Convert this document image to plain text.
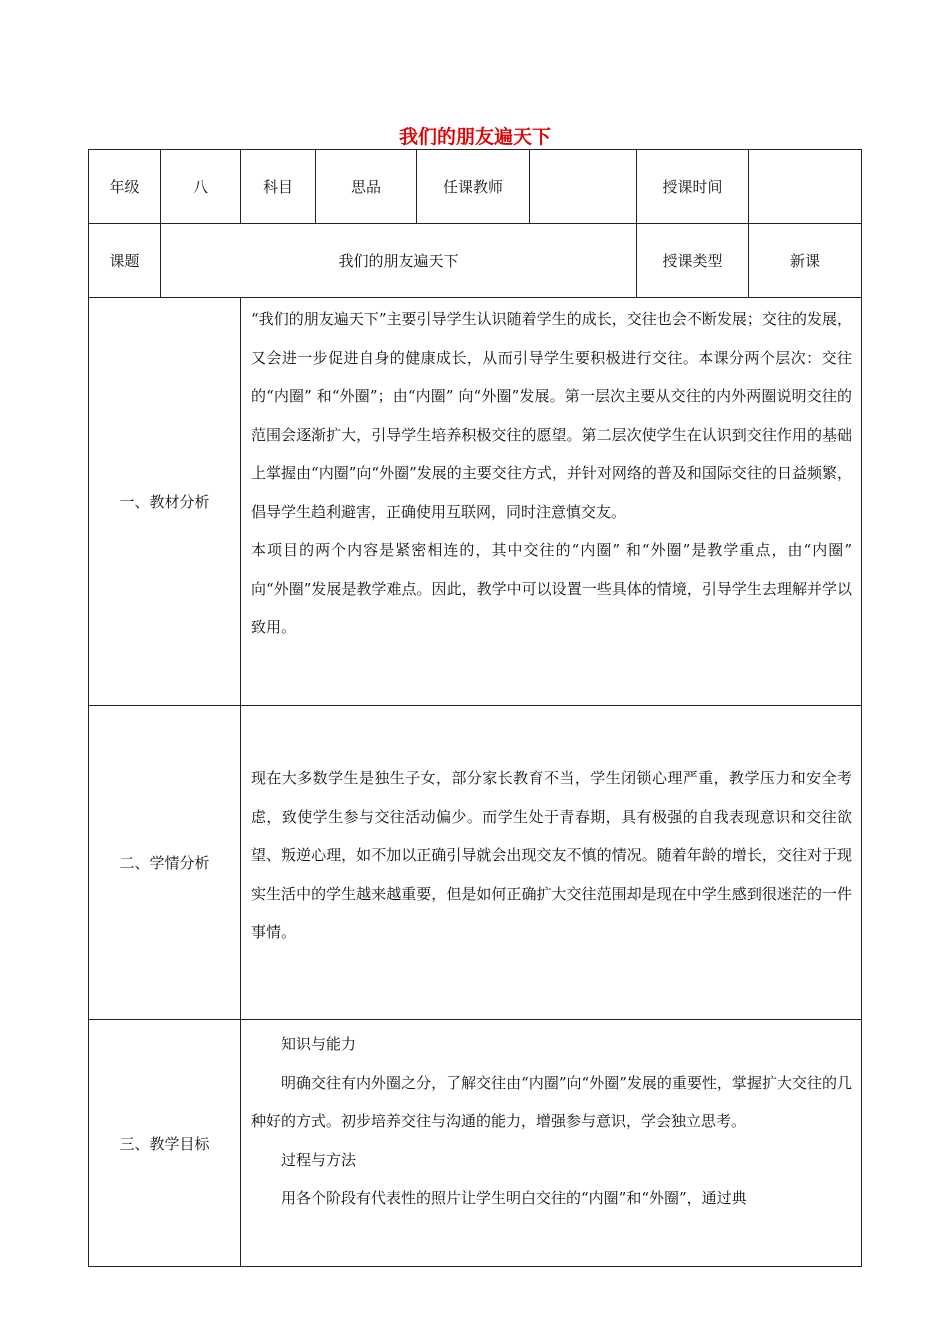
我们的朋友遍天下
年级	八	科目	思品	任课教师		授课时间	
课题	我们的朋友遍天下					授课类型	新课
一、教材分析		“我们的朋友遍天下”主要引导学生认识随着学生的成长，交往也会不断发展；交往的发展，又会进一步促进自身的健康成长，从而引导学生要积极进行交往。本课分两个层次：交往的“内圈” 和“外圈”；由“内圈” 向“外圈”发展。第一层次主要从交往的内外两圈说明交往的范围会逐渐扩大，引导学生培养积极交往的愿望。第二层次使学生在认识到交往作用的基础上掌握由“内圈”向“外圈”发展的主要交往方式，并针对网络的普及和国际交往的日益频繁，倡导学生趋利避害，正确使用互联网，同时注意慎交友。
本项目的两个内容是紧密相连的，其中交往的“内圈” 和“外圈”是教学重点，由“内圈” 向“外圈”发展是教学难点。因此，教学中可以设置一些具体的情境，引导学生去理解并学以致用。					

二、学情分析		现在大多数学生是独生子女，部分家长教育不当，学生闭锁心理严重，教学压力和安全考虑，致使学生参与交往活动偏少。而学生处于青春期，具有极强的自我表现意识和交往欲望、叛逆心理，如不加以正确引导就会出现交友不慎的情况。随着年龄的增长，交往对于现实生活中的学生越来越重要，但是如何正确扩大交往范围却是现在中学生感到很迷茫的一件事情。					

三、教学目标		知识与能力
明确交往有内外圈之分，了解交往由“内圈”向“外圈”发展的重要性，掌握扩大交往的几种好的方式。初步培养交往与沟通的能力，增强参与意识，学会独立思考。
过程与方法
用各个阶段有代表性的照片让学生明白交往的“内圈”和“外圈”，通过典					
